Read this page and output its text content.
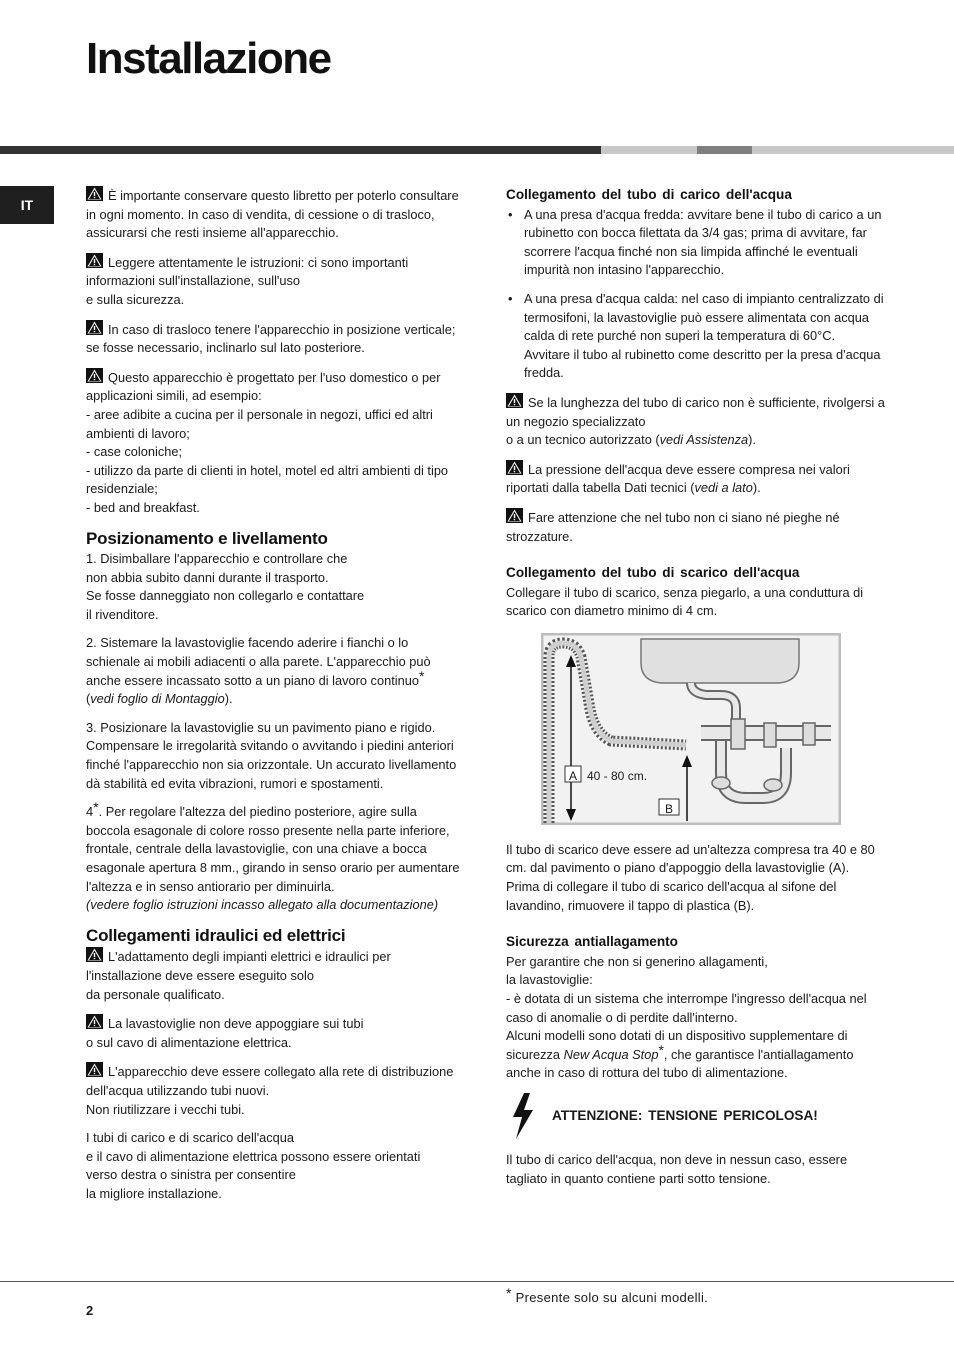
Installazione
IT

È importante conservare questo libretto per poterlo consultare in ogni momento. In caso di vendita, di cessione o di trasloco, assicurarsi che resti insieme all'apparecchio.

Leggere attentamente le istruzioni: ci sono importanti informazioni sull'installazione, sull'uso
e sulla sicurezza.

In caso di trasloco tenere l'apparecchio in posizione verticale; se fosse necessario, inclinarlo sul lato posteriore.

Questo apparecchio è progettato per l'uso domestico o per applicazioni simili, ad esempio:
- aree adibite a cucina per il personale in negozi, uffici ed altri ambienti di lavoro;
- case coloniche;
- utilizzo da parte di clienti in hotel, motel ed altri ambienti di tipo residenziale;
- bed and breakfast.

Posizionamento e livellamento

1. Disimballare l'apparecchio e controllare che
non abbia subito danni durante il trasporto.
Se fosse danneggiato non collegarlo e contattare
il rivenditore.

2. Sistemare la lavastoviglie facendo aderire i fianchi o lo schienale ai mobili adiacenti o alla parete. L'apparecchio può anche essere incassato sotto a un piano di lavoro continuo*
(vedi foglio di Montaggio).

3. Posizionare la lavastoviglie su un pavimento piano e rigido. Compensare le irregolarità svitando o avvitando i piedini anteriori finché l'apparecchio non sia orizzontale. Un accurato livellamento dà stabilità ed evita vibrazioni, rumori e spostamenti.

4*. Per regolare l'altezza del piedino posteriore, agire sulla boccola esagonale di colore rosso presente nella parte inferiore, frontale, centrale della lavastoviglie, con una chiave a bocca esagonale apertura 8 mm., girando in senso orario per aumentare l'altezza e in senso antiorario per diminuirla.
(vedere foglio istruzioni incasso allegato alla documentazione)

Collegamenti idraulici ed elettrici

L'adattamento degli impianti elettrici e idraulici per l'installazione deve essere eseguito solo
da personale qualificato.

La lavastoviglie non deve appoggiare sui tubi
o sul cavo di alimentazione elettrica.

L'apparecchio deve essere collegato alla rete di distribuzione dell'acqua utilizzando tubi nuovi.
Non riutilizzare i vecchi tubi.

I tubi di carico e di scarico dell'acqua
e il cavo di alimentazione elettrica possono essere orientati
verso destra o sinistra per consentire
la migliore installazione.

Collegamento del tubo di carico dell'acqua
• A una presa d'acqua fredda: avvitare bene il tubo di carico a un rubinetto con bocca filettata da 3/4 gas; prima di avvitare, far scorrere l'acqua finché non sia limpida affinché le eventuali impurità non intasino l'apparecchio.
• A una presa d'acqua calda: nel caso di impianto centralizzato di termosifoni, la lavastoviglie può essere alimentata con acqua calda di rete purché non superi la temperatura di 60°C.
Avvitare il tubo al rubinetto come descritto per la presa d'acqua fredda.

Se la lunghezza del tubo di carico non è sufficiente, rivolgersi a un negozio specializzato
o a un tecnico autorizzato (vedi Assistenza).

La pressione dell'acqua deve essere compresa nei valori riportati dalla tabella Dati tecnici (vedi a lato).

Fare attenzione che nel tubo non ci siano né pieghe né strozzature.

Collegamento del tubo di scarico dell'acqua

Collegare il tubo di scarico, senza piegarlo, a una conduttura di scarico con diametro minimo di 4 cm.

A 40 - 80 cm.
B

Il tubo di scarico deve essere ad un'altezza compresa tra 40 e 80 cm. dal pavimento o piano d'appoggio della lavastoviglie (A).

Prima di collegare il tubo di scarico dell'acqua al sifone del lavandino, rimuovere il tappo di plastica (B).

Sicurezza antiallagamento

Per garantire che non si generino allagamenti,
la lavastoviglie:
- è dotata di un sistema che interrompe l'ingresso dell'acqua nel caso di anomalie o di perdite dall'interno.
Alcuni modelli sono dotati di un dispositivo supplementare di
sicurezza New Acqua Stop*, che garantisce l'antiallagamento anche in caso di rottura del tubo di alimentazione.

ATTENZIONE: TENSIONE PERICOLOSA!

Il tubo di carico dell'acqua, non deve in nessun caso, essere tagliato in quanto contiene parti sotto tensione.

2
* Presente solo su alcuni modelli.
